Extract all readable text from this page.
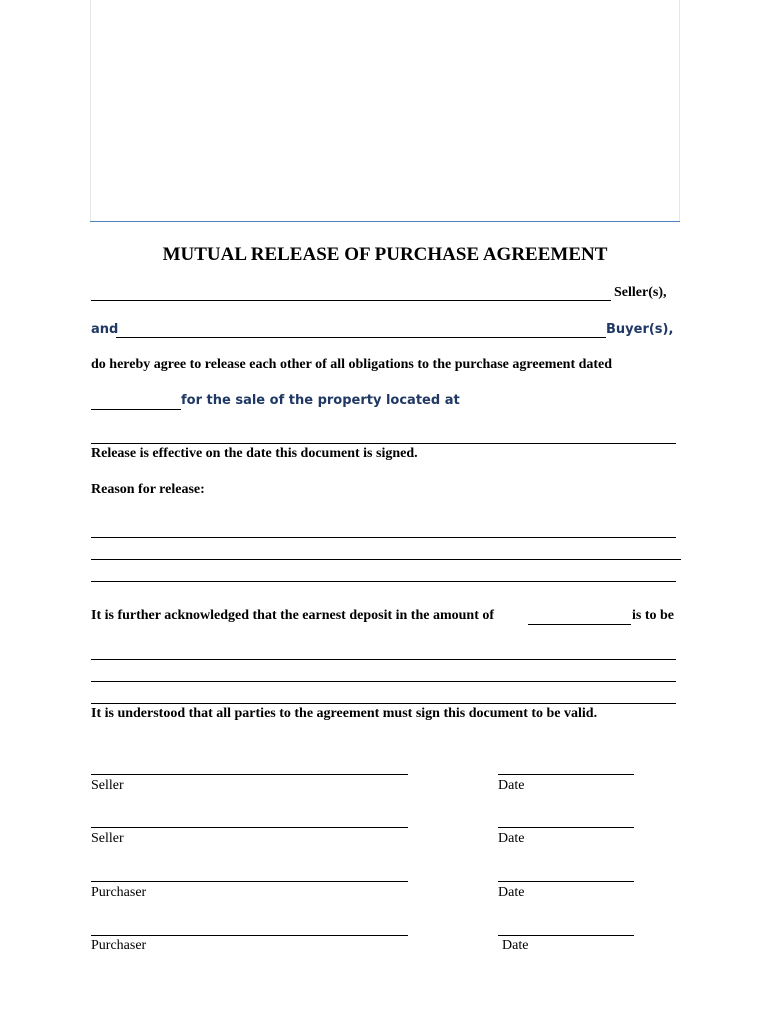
MUTUAL RELEASE OF PURCHASE AGREEMENT
Seller(s),
and	Buyer(s),
do hereby agree to release each other of all obligations to the purchase agreement dated
for the sale of the property located at
Release is effective on the date this document is signed.
Reason for release:
It is further acknowledged that the earnest deposit in the amount of	is to be
It is understood that all parties to the agreement must sign this document to be valid.
Seller	Date
Seller	Date
Purchaser	Date
Purchaser	Date
